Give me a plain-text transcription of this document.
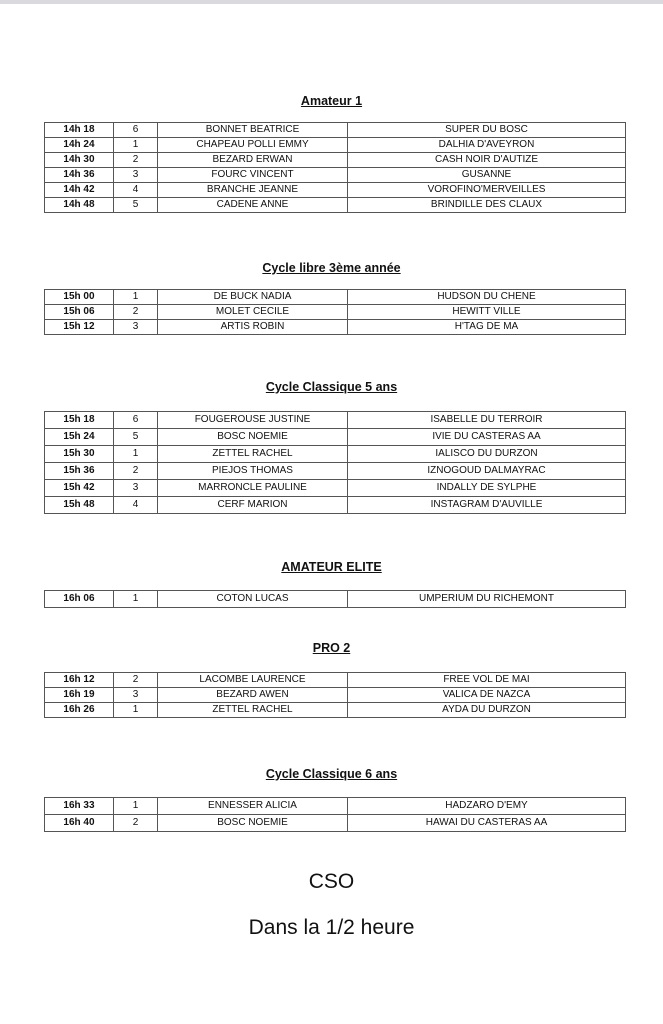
Amateur 1
14h 18	6	BONNET BEATRICE	SUPER DU BOSC
14h 24	1	CHAPEAU POLLI EMMY	DALHIA D'AVEYRON
14h 30	2	BEZARD ERWAN	CASH NOIR D'AUTIZE
14h 36	3	FOURC VINCENT	GUSANNE
14h 42	4	BRANCHE JEANNE	VOROFINO'MERVEILLES
14h 48	5	CADENE ANNE	BRINDILLE DES CLAUX
Cycle libre 3ème année
15h 00	1	DE BUCK NADIA	HUDSON DU CHENE
15h 06	2	MOLET CECILE	HEWITT VILLE
15h 12	3	ARTIS ROBIN	H'TAG DE MA
Cycle Classique 5 ans
15h 18	6	FOUGEROUSE JUSTINE	ISABELLE DU TERROIR
15h 24	5	BOSC NOEMIE	IVIE DU CASTERAS AA
15h 30	1	ZETTEL RACHEL	IALISCO DU DURZON
15h 36	2	PIEJOS THOMAS	IZNOGOUD DALMAYRAC
15h 42	3	MARRONCLE PAULINE	INDALLY DE SYLPHE
15h 48	4	CERF MARION	INSTAGRAM D'AUVILLE
AMATEUR ELITE
16h 06	1	COTON LUCAS	UMPERIUM DU RICHEMONT
PRO 2
16h 12	2	LACOMBE LAURENCE	FREE VOL DE MAI
16h 19	3	BEZARD AWEN	VALICA DE NAZCA
16h 26	1	ZETTEL RACHEL	AYDA DU DURZON
Cycle Classique 6 ans
16h 33	1	ENNESSER ALICIA	HADZARO D'EMY
16h 40	2	BOSC NOEMIE	HAWAI DU CASTERAS AA
CSO
Dans la 1/2 heure
